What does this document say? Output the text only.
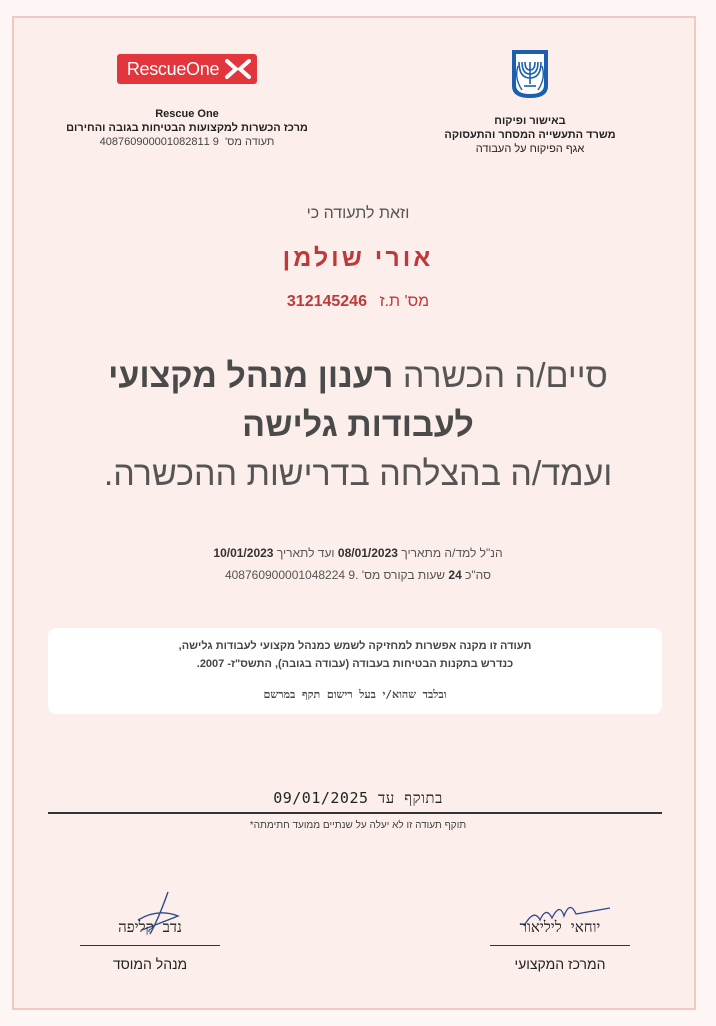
באישור ופיקוח
משרד התעשייה המסחר והתעסוקה
אגף הפיקוח על העבודה
RescueOne
Rescue One
מרכז הכשרות למקצועות הבטיחות בגובה והחירום
תעודה מס'  408760900001082811 9
וזאת לתעודה כי
אורי שולמן
מס' ת.ז 312145246
סיים/ה הכשרה רענון מנהל מקצועי
לעבודות גלישה
ועמד/ה בהצלחה בדרישות ההכשרה.
הנ"ל למד/ה מתאריך 08/01/2023 ועד לתאריך 10/01/2023
סה"כ 24 שעות בקורס מס' 408760900001048224 9.
תעודה זו מקנה אפשרות למחזיקה לשמש כמנהל מקצועי לעבודות גלישה,
כנדרש בתקנות הבטיחות בעבודה (עבודה בגובה), התשס"ז- 2007.
ובלבד שהוא/י בעל רישום תקף במרשם
בתוקף עד 09/01/2025
תוקף תעודה זו לא יעלה על שנתיים ממועד חתימתה*
נדב קליפה
מנהל המוסד
יוחאי ליליאור
המרכז המקצועי
